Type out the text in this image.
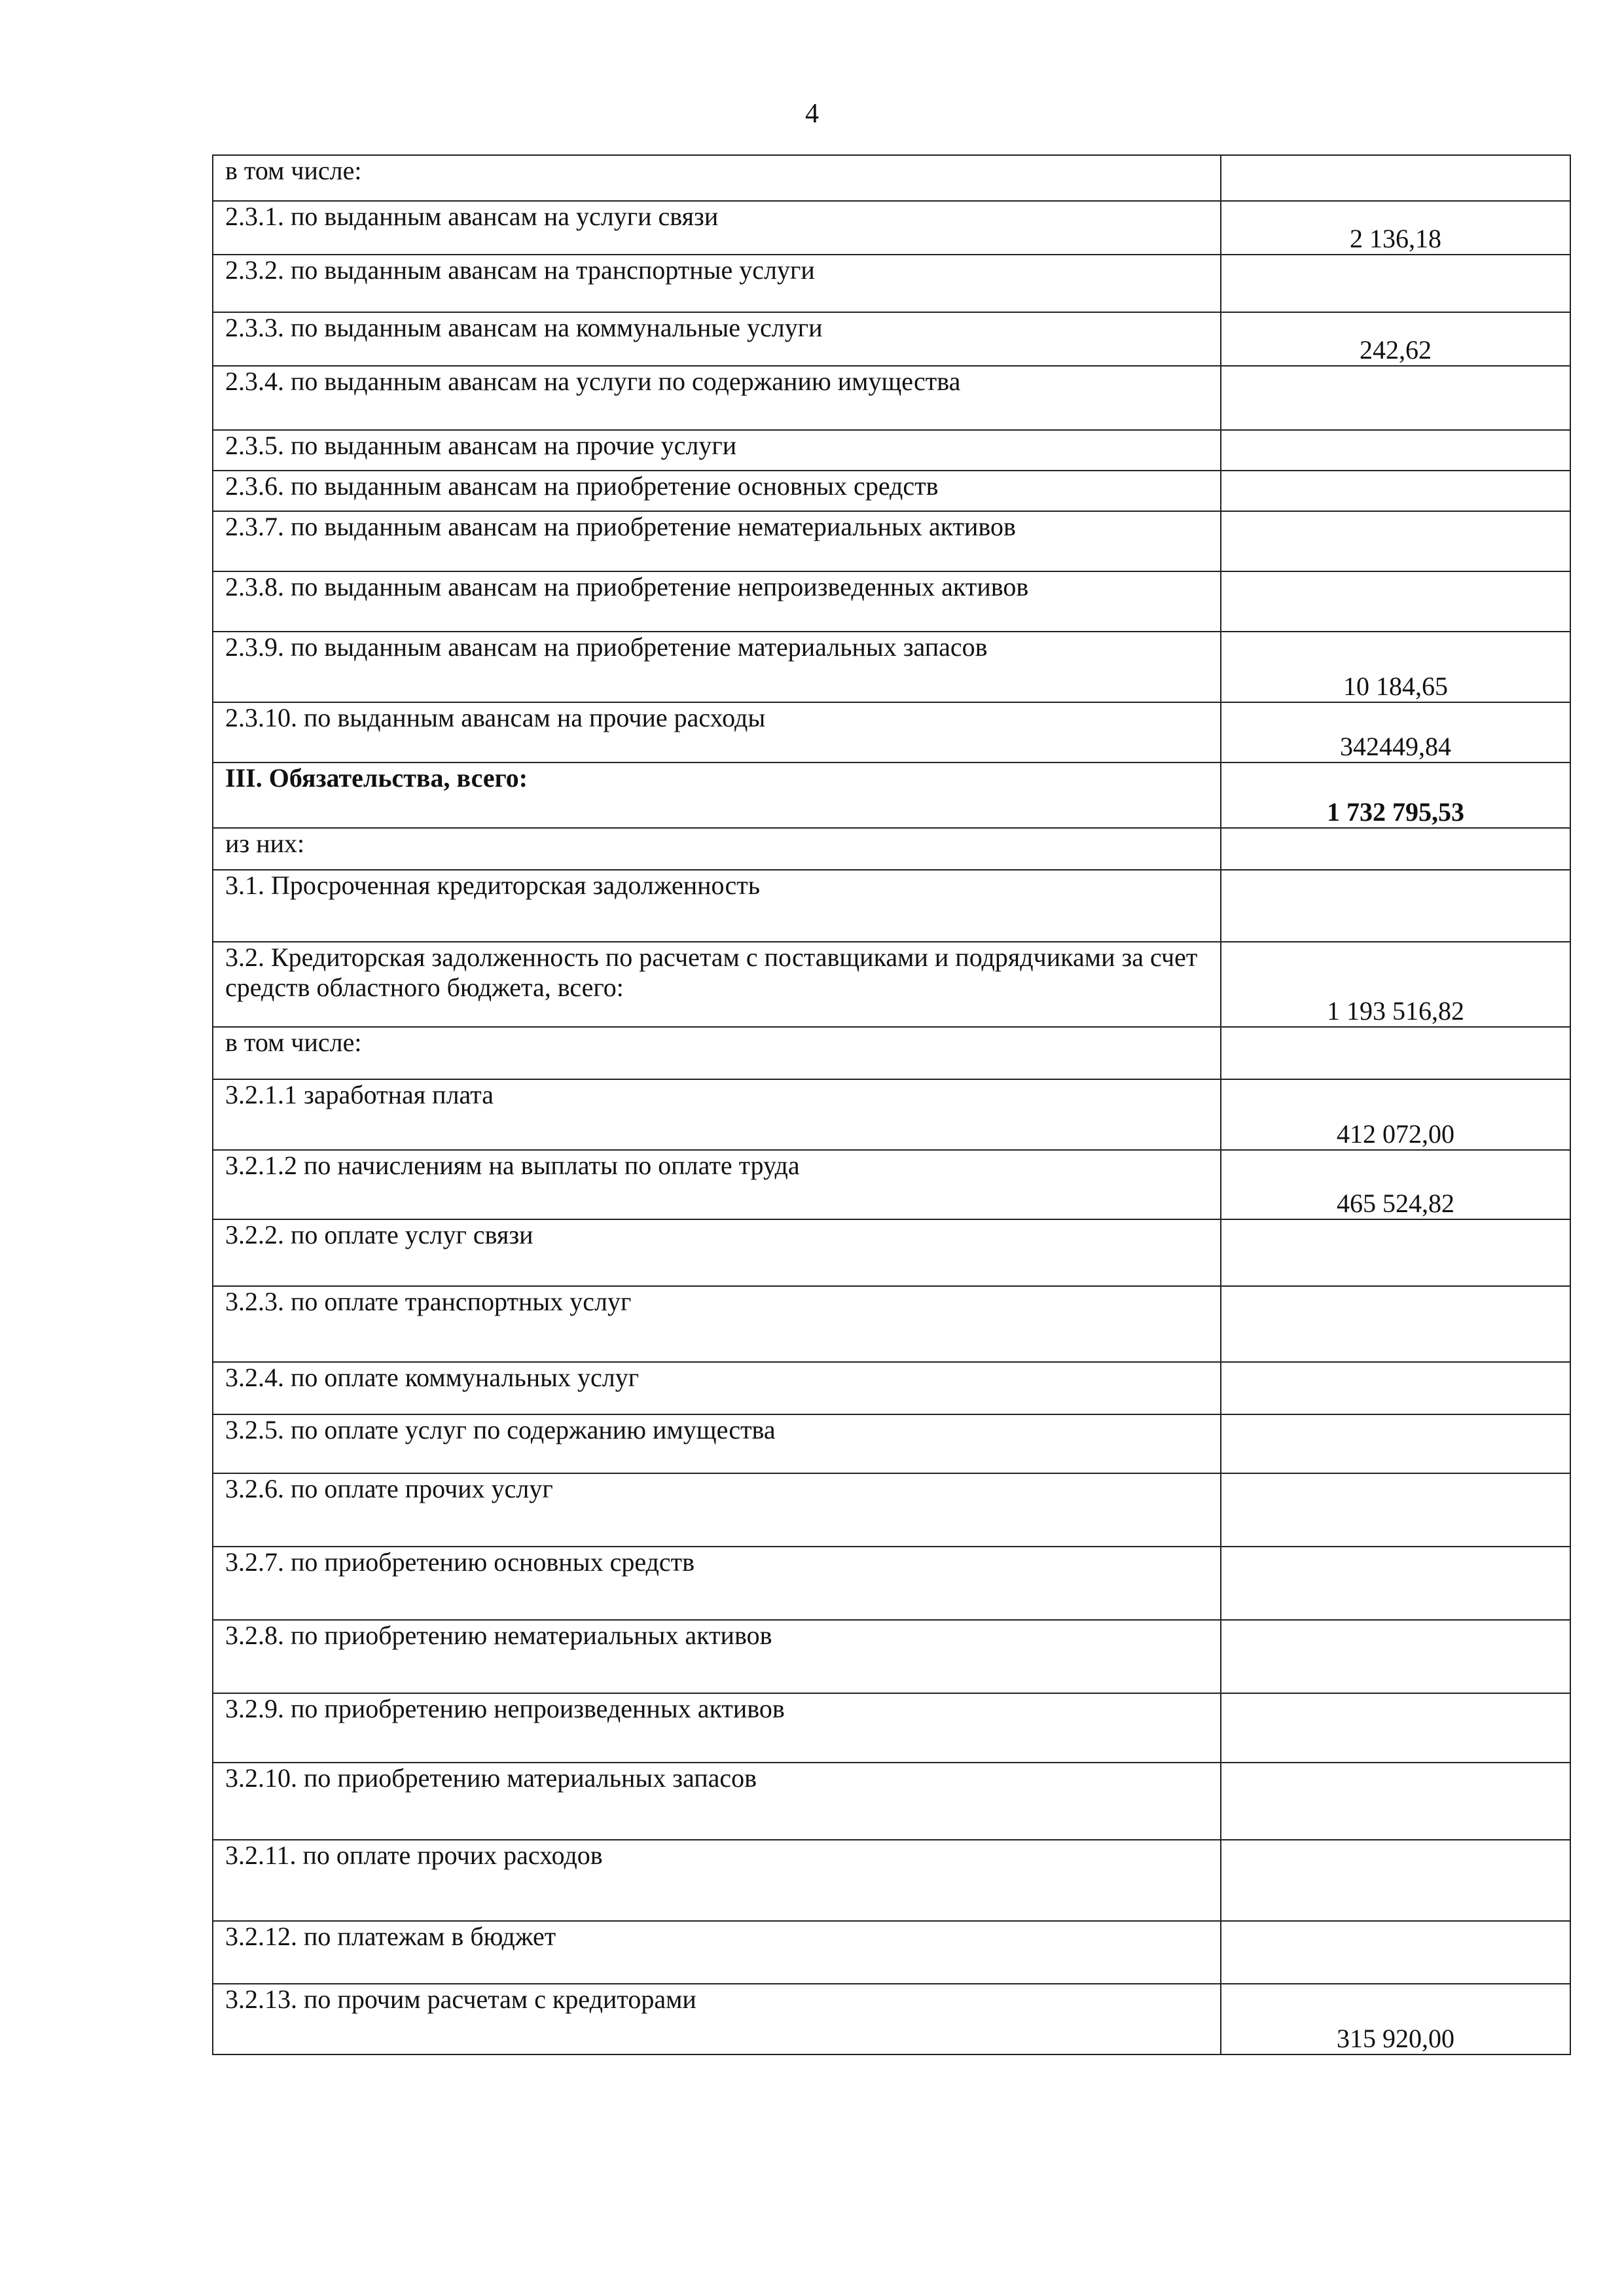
4
в том числе:	
2.3.1. по выданным авансам на услуги связи	2 136,18
2.3.2. по выданным авансам на транспортные услуги	
2.3.3. по выданным авансам на коммунальные услуги	242,62
2.3.4. по выданным авансам на услуги по содержанию имущества	
2.3.5. по выданным авансам на прочие услуги	
2.3.6. по выданным авансам на приобретение основных средств	
2.3.7. по выданным авансам на приобретение нематериальных активов	
2.3.8. по выданным авансам на приобретение непроизведенных активов	
2.3.9. по выданным авансам на приобретение материальных запасов	10 184,65
2.3.10. по выданным авансам на прочие расходы	342449,84
III. Обязательства, всего:	1 732 795,53
из них:	
3.1. Просроченная кредиторская задолженность	
3.2. Кредиторская задолженность по расчетам с поставщиками и подрядчиками за счет средств областного бюджета, всего:	1 193 516,82
в том числе:	
3.2.1.1 заработная плата	412 072,00
3.2.1.2 по начислениям на выплаты по оплате труда	465 524,82
3.2.2. по оплате услуг связи	
3.2.3. по оплате транспортных услуг	
3.2.4. по оплате коммунальных услуг	
3.2.5. по оплате услуг по содержанию имущества	
3.2.6. по оплате прочих услуг	
3.2.7. по приобретению основных средств	
3.2.8. по приобретению нематериальных активов	
3.2.9. по приобретению непроизведенных активов	
3.2.10. по приобретению материальных запасов	
3.2.11. по оплате прочих расходов	
3.2.12. по платежам в бюджет	
3.2.13. по прочим расчетам с кредиторами	315 920,00
